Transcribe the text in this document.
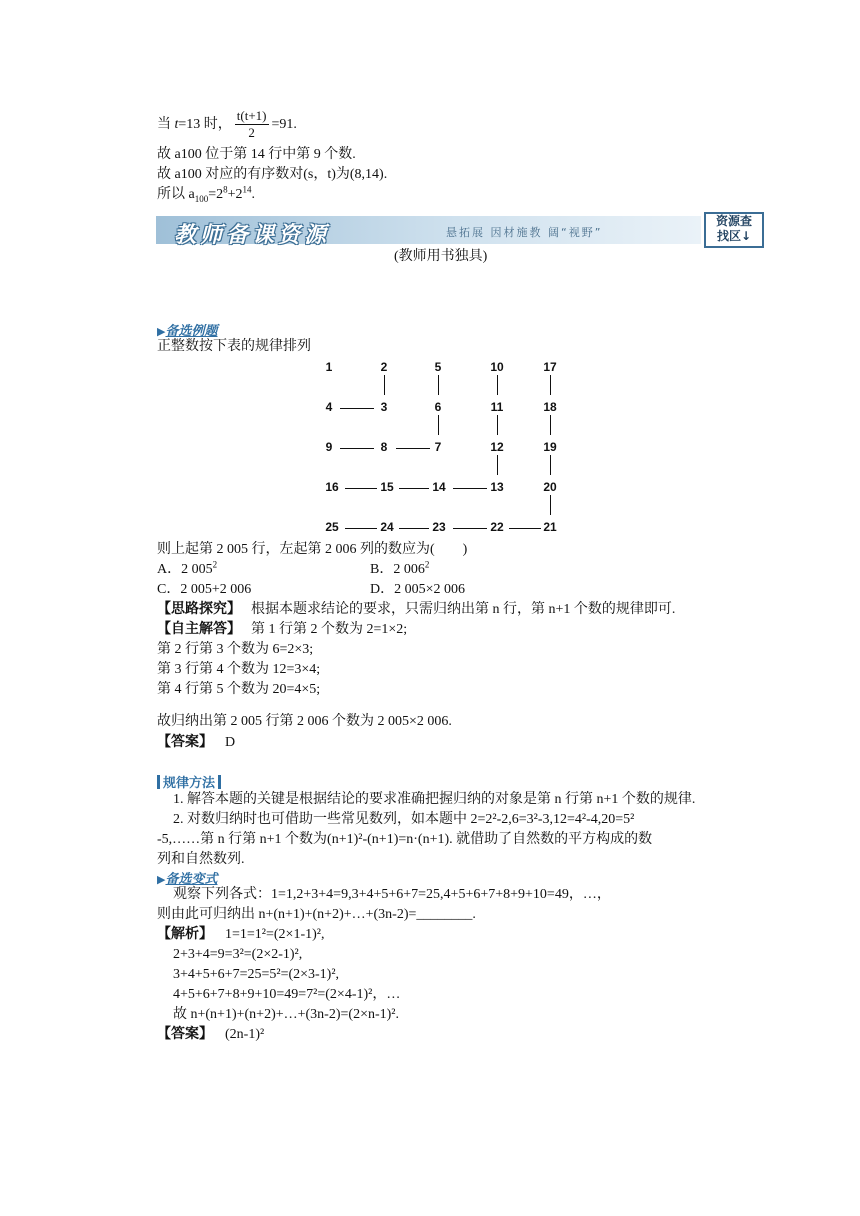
当 t=13 时， $\frac{t(t+1)}{2} =91$.
故 a100 位于第 14 行中第 9 个数.
故 a100 对应的有序数对(s，t)为(8,14).
所以 $a_{100}=2^8+2^{14}$.
教师备课资源	悬拓展 因材施教 阔“视野”
资源查
找区↓
(教师用书独具)
▶备选例题
正整数按下表的规律排列
1	2	5	10	17
4	3	6	11	18
9	8	7	12	19
16	15	14	13	20
25	24	23	22	21
则上起第 2 005 行，左起第 2 006 列的数应为(　　)
A．2 $005^2$	B．2 $006^2$
C．2 005+2 006	D．2 005×2 006
【思路探究】 根据本题求结论的要求，只需归纳出第 n 行，第 n+1 个数的规律即可.
【自主解答】 第 1 行第 2 个数为 2=1×2;
第 2 行第 3 个数为 6=2×3;
第 3 行第 4 个数为 12=3×4;
第 4 行第 5 个数为 20=4×5;
故归纳出第 2 005 行第 2 006 个数为 2 005×2 006.
【答案】 D
规律方法
1. 解答本题的关键是根据结论的要求准确把握归纳的对象是第 n 行第 n+1 个数的规律.
2. 对数归纳时也可借助一些常见数列，如本题中 2=2²-2,6=3²-3,12=4²-4,20=5²
-5,……第 n 行第 n+1 个数为(n+1)²-(n+1)=n·(n+1). 就借助了自然数的平方构成的数
列和自然数列.
▶备选变式
观察下列各式：1=1,2+3+4=9,3+4+5+6+7=25,4+5+6+7+8+9+10=49，…，
则由此可归纳出 n+(n+1)+(n+2)+…+(3n-2)=________.
【解析】 1=1=1²=(2×1-1)²,
2+3+4=9=3²=(2×2-1)²,
3+4+5+6+7=25=5²=(2×3-1)²,
4+5+6+7+8+9+10=49=7²=(2×4-1)²，…
故 n+(n+1)+(n+2)+…+(3n-2)=(2×n-1)².
【答案】 (2n-1)²
